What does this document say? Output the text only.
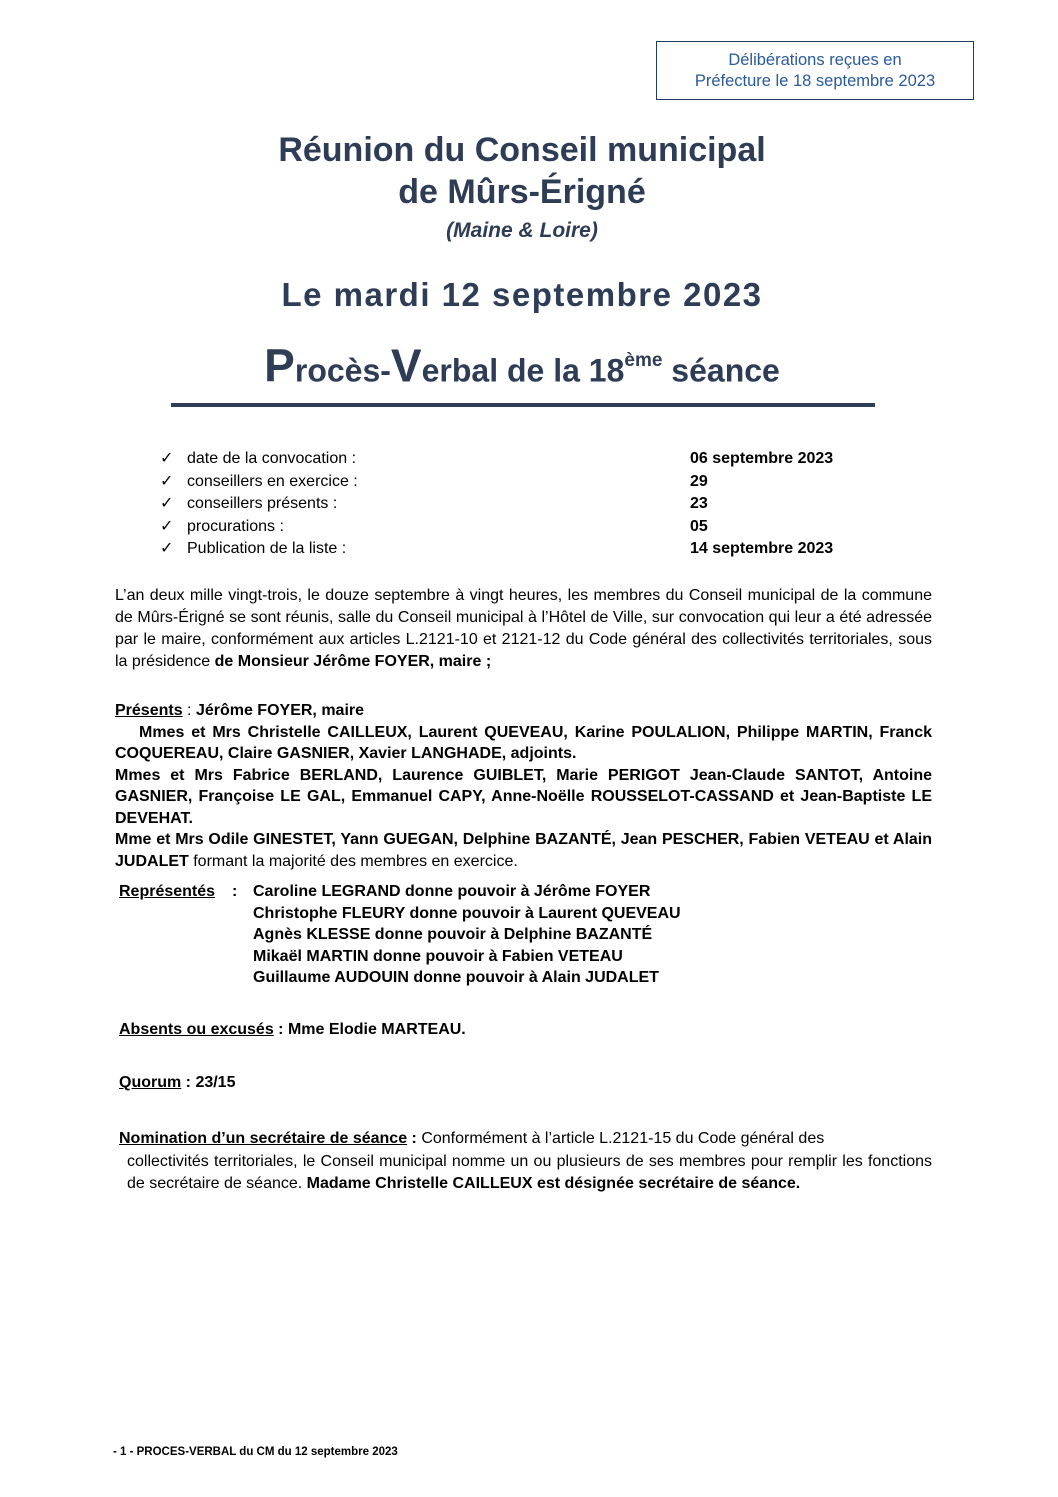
Délibérations reçues en
Préfecture le 18 septembre 2023
Réunion du Conseil municipal
de Mûrs-Érigné
(Maine & Loire)
Le mardi 12 septembre 2023
Procès-Verbal de la 18ème séance
✓ date de la convocation :	06 septembre 2023
✓ conseillers en exercice :	29
✓ conseillers présents :	23
✓ procurations :	05
✓ Publication de la liste :	14 septembre 2023
L’an deux mille vingt-trois, le douze septembre à vingt heures, les membres du Conseil municipal de la commune de Mûrs-Érigné se sont réunis, salle du Conseil municipal à l’Hôtel de Ville, sur convocation qui leur a été adressée par le maire, conformément aux articles L.2121-10 et 2121-12 du Code général des collectivités territoriales, sous la présidence de Monsieur Jérôme FOYER, maire ;
Présents : Jérôme FOYER, maire
Mmes et Mrs Christelle CAILLEUX, Laurent QUEVEAU, Karine POULALION, Philippe MARTIN, Franck COQUEREAU, Claire GASNIER, Xavier LANGHADE, adjoints.
Mmes et Mrs Fabrice BERLAND, Laurence GUIBLET, Marie PERIGOT Jean-Claude SANTOT, Antoine GASNIER, Françoise LE GAL, Emmanuel CAPY, Anne-Noëlle ROUSSELOT-CASSAND et Jean-Baptiste LE DEVEHAT.
Mme et Mrs Odile GINESTET, Yann GUEGAN, Delphine BAZANTÉ, Jean PESCHER, Fabien VETEAU et Alain JUDALET formant la majorité des membres en exercice.
Représentés : Caroline LEGRAND donne pouvoir à Jérôme FOYER
Christophe FLEURY donne pouvoir à Laurent QUEVEAU
Agnès KLESSE donne pouvoir à Delphine BAZANTÉ
Mikaël MARTIN donne pouvoir à Fabien VETEAU
Guillaume AUDOUIN donne pouvoir à Alain JUDALET
Absents ou excusés : Mme Elodie MARTEAU.
Quorum : 23/15
Nomination d’un secrétaire de séance : Conformément à l’article L.2121-15 du Code général des
collectivités territoriales, le Conseil municipal nomme un ou plusieurs de ses membres pour remplir les fonctions de secrétaire de séance. Madame Christelle CAILLEUX est désignée secrétaire de séance.
- 1 - PROCES-VERBAL du CM du 12 septembre 2023
